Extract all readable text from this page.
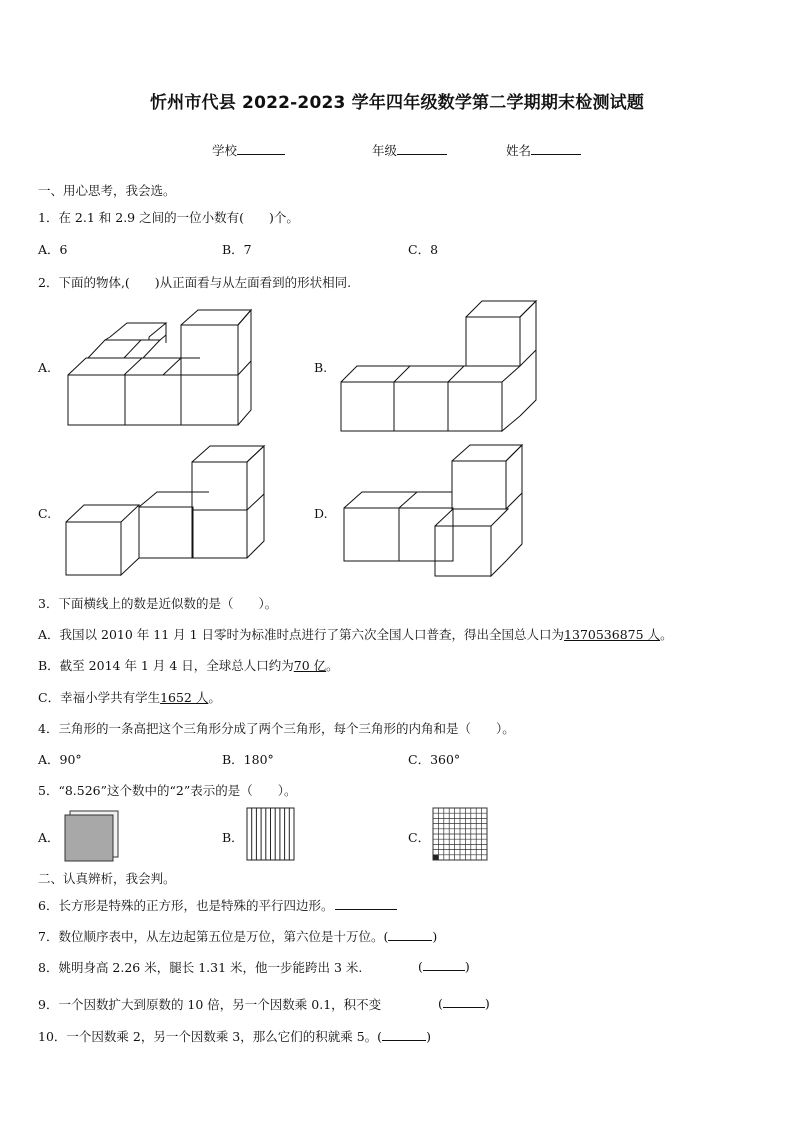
忻州市代县 2022-2023 学年四年级数学第二学期期末检测试题
学校	年级	姓名
一、用心思考，我会选。
1．在 2.1 和 2.9 之间的一位小数有(　　)个。
A．6	B．7	C．8
2．下面的物体,(　　)从正面看与从左面看到的形状相同.
A.	B.
C.	D.
3．下面横线上的数是近似数的是（　　）。
A．我国以 2010 年 11 月 1 日零时为标准时点进行了第六次全国人口普查，得出全国总人口为1370536875 人。
B．截至 2014 年 1 月 4 日，全球总人口约为70 亿。
C．幸福小学共有学生1652 人。
4．三角形的一条高把这个三角形分成了两个三角形，每个三角形的内角和是（　　）。
A．90°	B．180°	C．360°
5．“8.526”这个数中的“2”表示的是（　　）。
A．	B．	C．
二、认真辨析，我会判。
6．长方形是特殊的正方形，也是特殊的平行四边形。
7．数位顺序表中，从左边起第五位是万位，第六位是十万位。(	)
8．姚明身高 2.26 米，腿长 1.31 米，他一步能跨出 3 米.	(	)
9．一个因数扩大到原数的 10 倍，另一个因数乘 0.1，积不变	(	)
10．一个因数乘 2，另一个因数乘 3，那么它们的积就乘 5。(	)
